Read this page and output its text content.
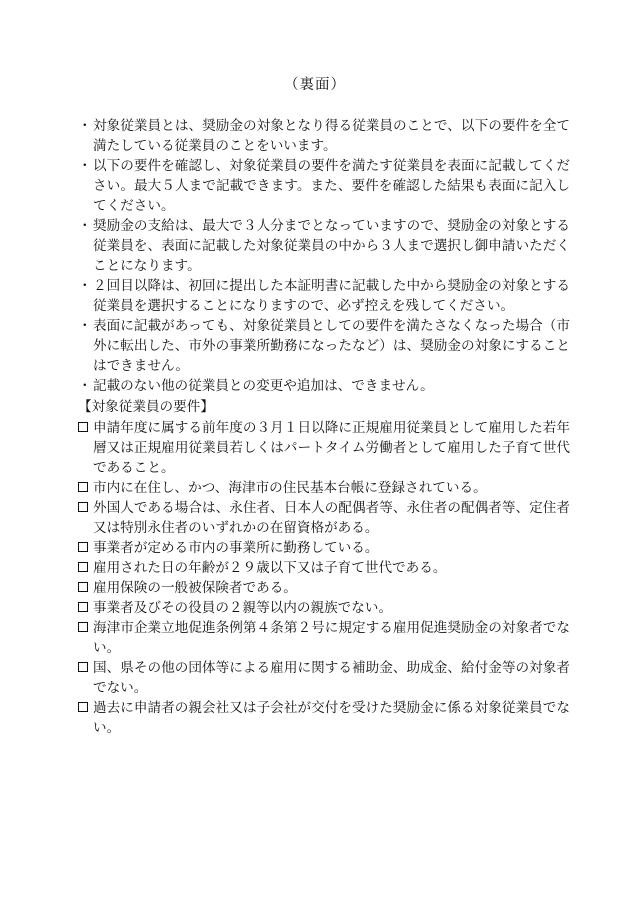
（裏面）
・ 対象従業員とは、奨励金の対象となり得る従業員のことで、以下の要件を全て満たしている従業員のことをいいます。
・ 以下の要件を確認し、対象従業員の要件を満たす従業員を表面に記載してください。最大５人まで記載できます。また、要件を確認した結果も表面に記入してください。
・ 奨励金の支給は、最大で３人分までとなっていますので、奨励金の対象とする従業員を、表面に記載した対象従業員の中から３人まで選択し御申請いただくことになります。
・ ２回目以降は、初回に提出した本証明書に記載した中から奨励金の対象とする従業員を選択することになりますので、必ず控えを残してください。
・ 表面に記載があっても、対象従業員としての要件を満たさなくなった場合（市外に転出した、市外の事業所勤務になったなど）は、奨励金の対象にすることはできません。
・ 記載のない他の従業員との変更や追加は、できません。
【対象従業員の要件】
申請年度に属する前年度の３月１日以降に正規雇用従業員として雇用した若年層又は正規雇用従業員若しくはパートタイム労働者として雇用した子育て世代であること。
市内に在住し、かつ、海津市の住民基本台帳に登録されている。
外国人である場合は、永住者、日本人の配偶者等、永住者の配偶者等、定住者又は特別永住者のいずれかの在留資格がある。
事業者が定める市内の事業所に勤務している。
雇用された日の年齢が２９歳以下又は子育て世代である。
雇用保険の一般被保険者である。
事業者及びその役員の２親等以内の親族でない。
海津市企業立地促進条例第４条第２号に規定する雇用促進奨励金の対象者でない。
国、県その他の団体等による雇用に関する補助金、助成金、給付金等の対象者でない。
過去に申請者の親会社又は子会社が交付を受けた奨励金に係る対象従業員でない。
